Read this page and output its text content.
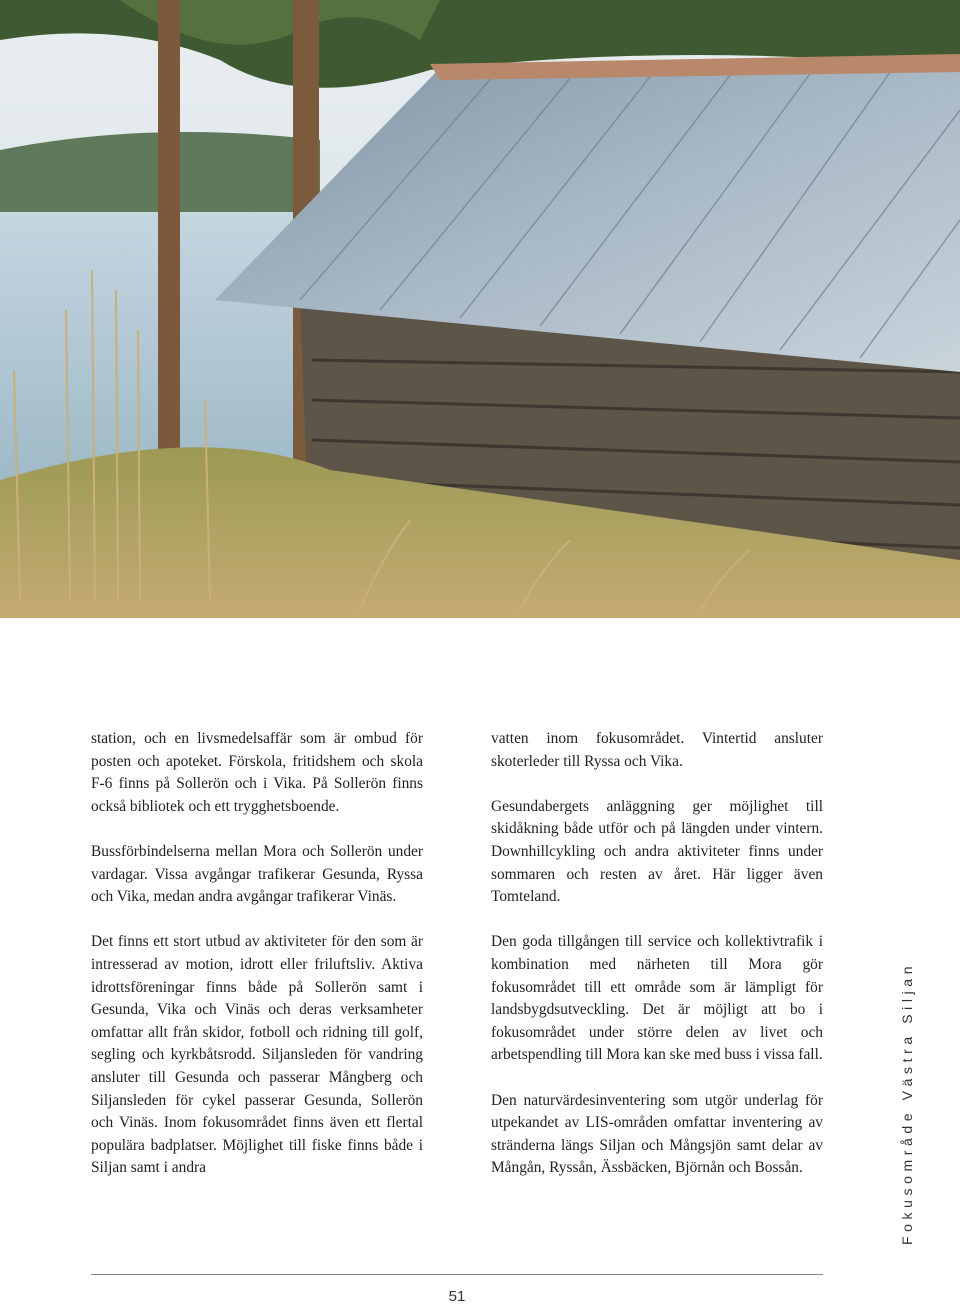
station, och en livsmedelsaffär som är ombud för posten och apoteket. Förskola, fritidshem och skola F-6 finns på Sollerön och i Vika. På Sollerön finns också bibliotek och ett trygghetsboende.

Bussförbindelserna mellan Mora och Sollerön under vardagar. Vissa avgångar trafikerar Gesunda, Ryssa och Vika, medan andra avgångar trafikerar Vinäs.

Det finns ett stort utbud av aktiviteter för den som är intresserad av motion, idrott eller friluftsliv. Aktiva idrottsföreningar finns både på Sollerön samt i Gesunda, Vika och Vinäs och deras verksamheter omfattar allt från skidor, fotboll och ridning till golf, segling och kyrkbåtsrodd. Siljansleden för vandring ansluter till Gesunda och passerar Mångberg och Siljansleden för cykel passerar Gesunda, Sollerön och Vinäs. Inom fokusområdet finns även ett flertal populära badplatser. Möjlighet till fiske finns både i Siljan samt i andra

vatten inom fokusområdet. Vintertid ansluter skoterleder till Ryssa och Vika.

Gesundabergets anläggning ger möjlighet till skidåkning både utför och på längden under vintern. Downhillcykling och andra aktiviteter finns under sommaren och resten av året. Här ligger även Tomteland.

Den goda tillgången till service och kollektivtrafik i kombination med närheten till Mora gör fokusområdet till ett område som är lämpligt för landsbygdsutveckling. Det är möjligt att bo i fokusområdet under större delen av livet och arbetspendling till Mora kan ske med buss i vissa fall.

Den naturvärdesinventering som utgör underlag för utpekandet av LIS-områden omfattar inventering av stränderna längs Siljan och Mångsjön samt delar av Mångån, Ryssån, Ässbäcken, Björnån och Bossån.	Fokusområde Västra Siljan
51
